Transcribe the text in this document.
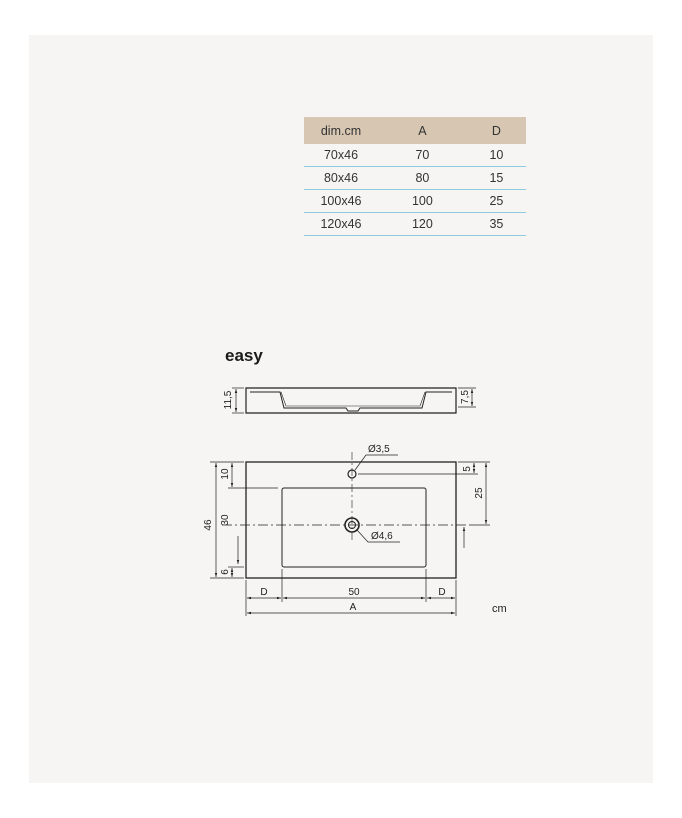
dim.cm	A	D
70x46	70	10
80x46	80	15
100x46	100	25
120x46	120	35
easy
11,5	7,5
Ø3,5
Ø4,6
46
10
30
6
5
25
D	50	D
A	cm
